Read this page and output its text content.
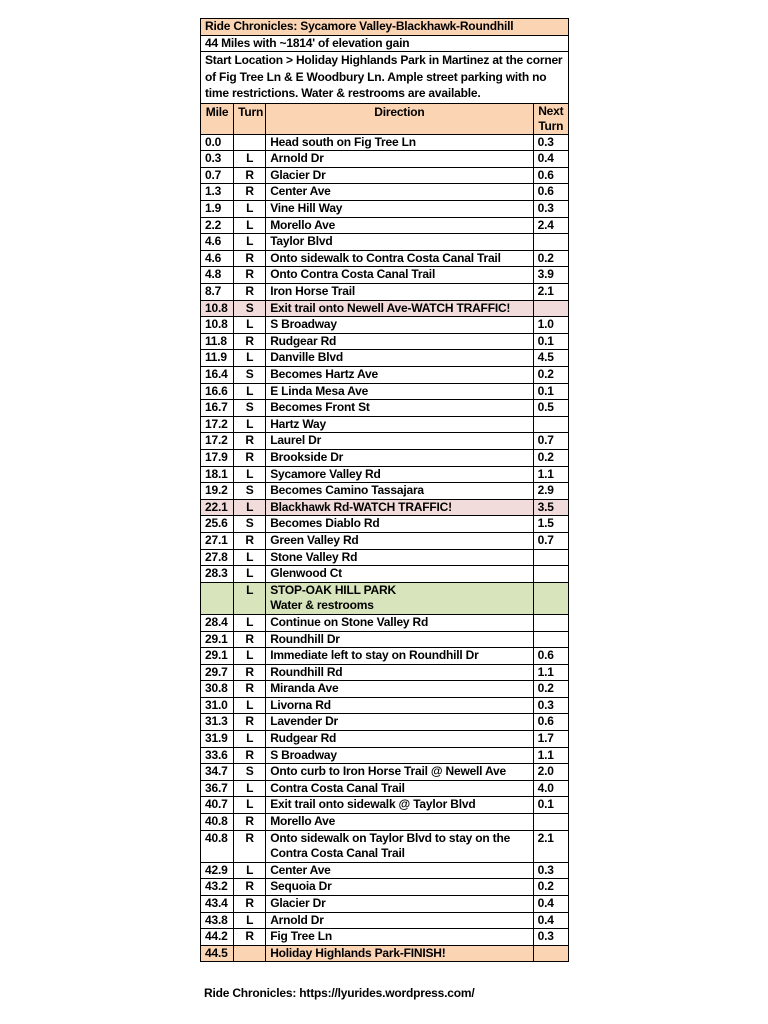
Ride Chronicles: Sycamore Valley-Blackhawk-Roundhill			
44 Miles with ~1814' of elevation gain			
Start Location > Holiday Highlands Park in Martinez at the corner of Fig Tree Ln & E Woodbury Ln. Ample street parking with no time restrictions. Water & restrooms are available.			
Mile	Turn	Direction	Next Turn
0.0		Head south on Fig Tree Ln	0.3
0.3	L	Arnold Dr	0.4
0.7	R	Glacier Dr	0.6
1.3	R	Center Ave	0.6
1.9	L	Vine Hill Way	0.3
2.2	L	Morello Ave	2.4
4.6	L	Taylor Blvd	
4.6	R	Onto sidewalk to Contra Costa Canal Trail	0.2
4.8	R	Onto Contra Costa Canal Trail	3.9
8.7	R	Iron Horse Trail	2.1
10.8	S	Exit trail onto Newell Ave-WATCH TRAFFIC!	
10.8	L	S Broadway	1.0
11.8	R	Rudgear Rd	0.1
11.9	L	Danville Blvd	4.5
16.4	S	Becomes Hartz Ave	0.2
16.6	L	E Linda Mesa Ave	0.1
16.7	S	Becomes Front St	0.5
17.2	L	Hartz Way	
17.2	R	Laurel Dr	0.7
17.9	R	Brookside Dr	0.2
18.1	L	Sycamore Valley Rd	1.1
19.2	S	Becomes Camino Tassajara	2.9
22.1	L	Blackhawk Rd-WATCH TRAFFIC!	3.5
25.6	S	Becomes Diablo Rd	1.5
27.1	R	Green Valley Rd	0.7
27.8	L	Stone Valley Rd	
28.3	L	Glenwood Ct	
	L	STOP-OAK HILL PARK
Water & restrooms	

28.4	L	Continue on Stone Valley Rd	
29.1	R	Roundhill Dr	
29.1	L	Immediate left to stay on Roundhill Dr	0.6
29.7	R	Roundhill Rd	1.1
30.8	R	Miranda Ave	0.2
31.0	L	Livorna Rd	0.3
31.3	R	Lavender Dr	0.6
31.9	L	Rudgear Rd	1.7
33.6	R	S Broadway	1.1
34.7	S	Onto curb to Iron Horse Trail @ Newell Ave	2.0
36.7	L	Contra Costa Canal Trail	4.0
40.7	L	Exit trail onto sidewalk @ Taylor Blvd	0.1
40.8	R	Morello Ave	
40.8	R	Onto sidewalk on Taylor Blvd to stay on the
Contra Costa Canal Trail	2.1
42.9	L	Center Ave	0.3
43.2	R	Sequoia Dr	0.2
43.4	R	Glacier Dr	0.4
43.8	L	Arnold Dr	0.4
44.2	R	Fig Tree Ln	0.3
44.5		Holiday Highlands Park-FINISH!	
Ride Chronicles: https://lyurides.wordpress.com/
